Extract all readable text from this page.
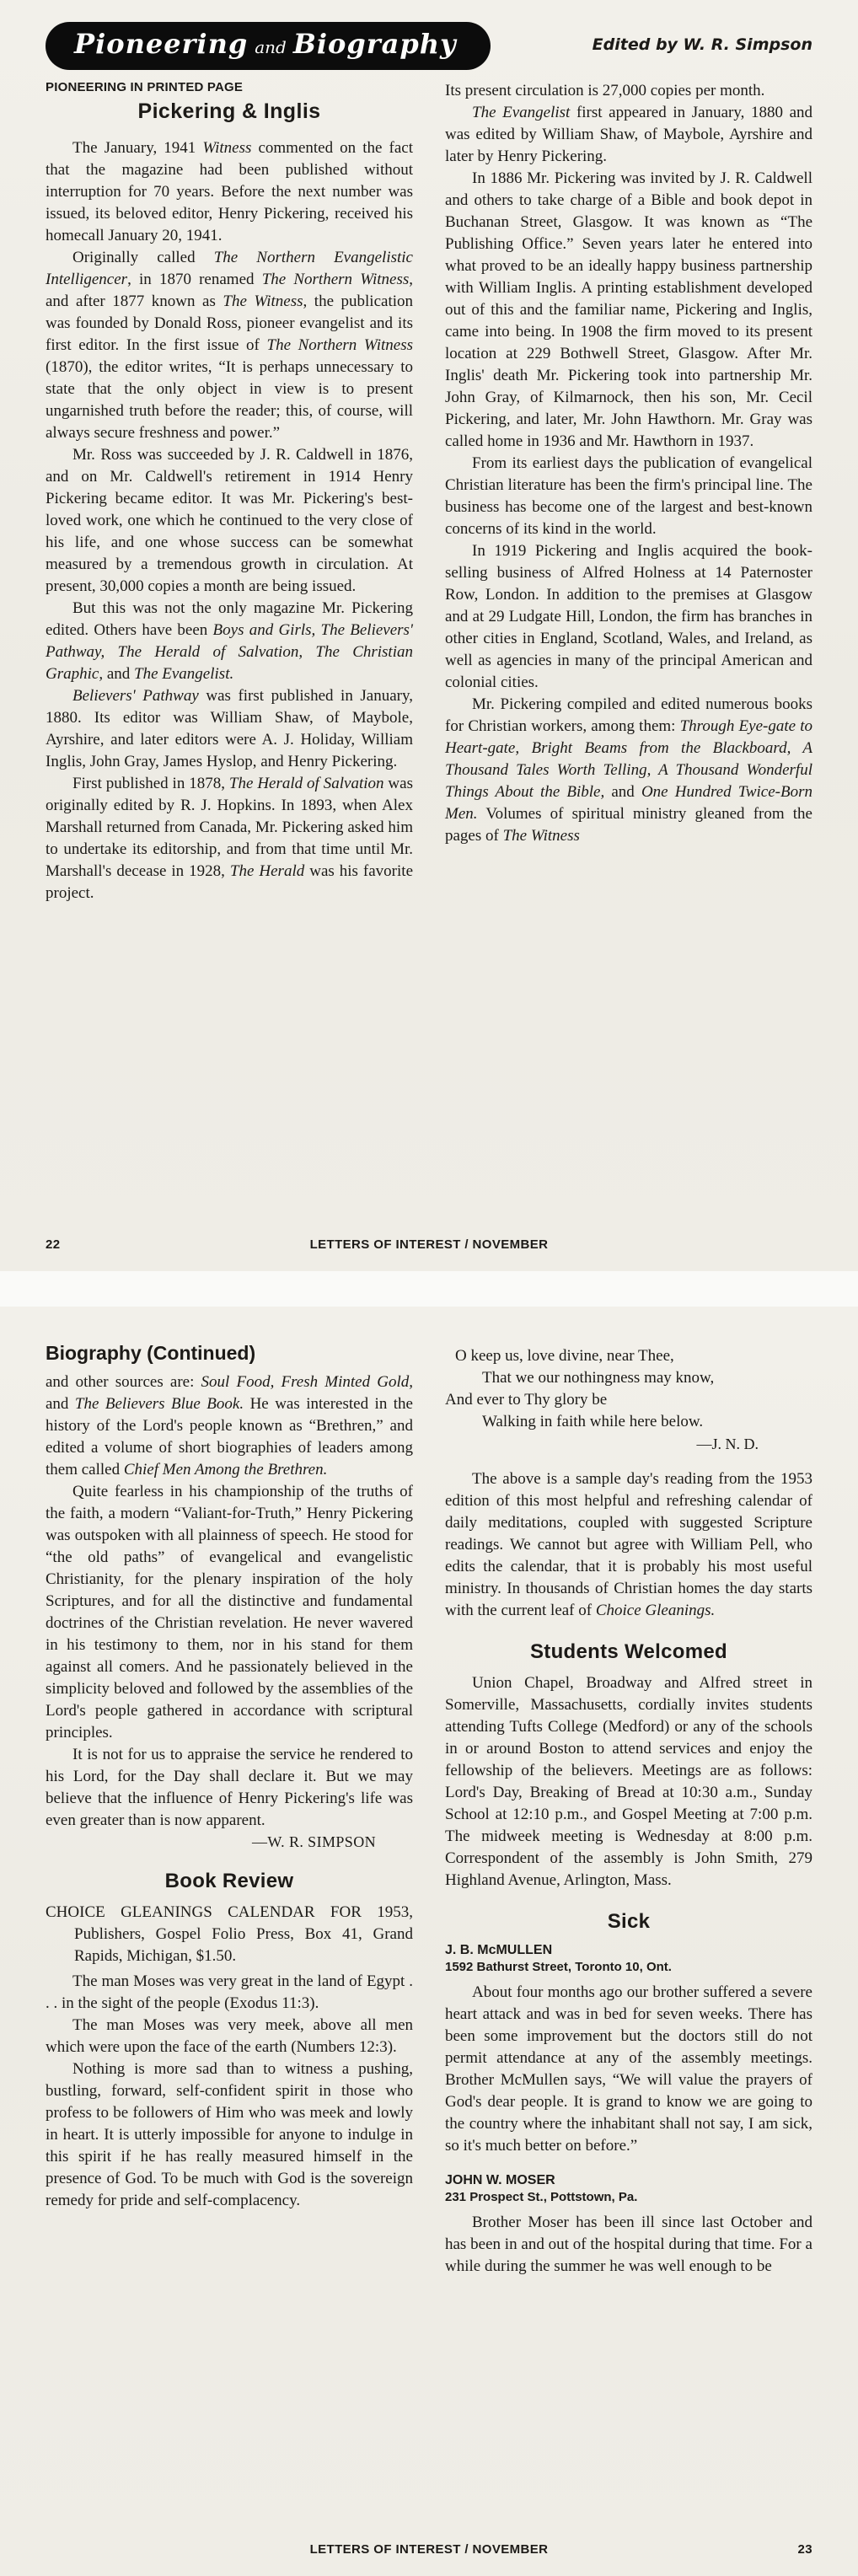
Pioneering and Biography	Edited by W. R. Simpson
PIONEERING IN PRINTED PAGE
Pickering & Inglis

The January, 1941 Witness commented on the fact that the magazine had been published without interruption for 70 years. Before the next number was issued, its beloved editor, Henry Pickering, received his homecall January 20, 1941.

Originally called The Northern Evangelistic Intelligencer, in 1870 renamed The Northern Witness, and after 1877 known as The Witness, the publication was founded by Donald Ross, pioneer evangelist and its first editor. In the first issue of The Northern Witness (1870), the editor writes, “It is perhaps unnecessary to state that the only object in view is to present ungarnished truth before the reader; this, of course, will always secure freshness and power.”

Mr. Ross was succeeded by J. R. Caldwell in 1876, and on Mr. Caldwell's retirement in 1914 Henry Pickering became editor. It was Mr. Pickering's best-loved work, one which he continued to the very close of his life, and one whose success can be somewhat measured by a tremendous growth in circulation. At present, 30,000 copies a month are being issued.

But this was not the only magazine Mr. Pickering edited. Others have been Boys and Girls, The Believers' Pathway, The Herald of Salvation, The Christian Graphic, and The Evangelist.

Believers' Pathway was first published in January, 1880. Its editor was William Shaw, of Maybole, Ayrshire, and later editors were A. J. Holiday, William Inglis, John Gray, James Hyslop, and Henry Pickering.

First published in 1878, The Herald of Salvation was originally edited by R. J. Hopkins. In 1893, when Alex Marshall returned from Canada, Mr. Pickering asked him to undertake its editorship, and from that time until Mr. Marshall's decease in 1928, The Herald was his favorite project.

Its present circulation is 27,000 copies per month.

The Evangelist first appeared in January, 1880 and was edited by William Shaw, of Maybole, Ayrshire and later by Henry Pickering.

In 1886 Mr. Pickering was invited by J. R. Caldwell and others to take charge of a Bible and book depot in Buchanan Street, Glasgow. It was known as “The Publishing Office.” Seven years later he entered into what proved to be an ideally happy business partnership with William Inglis. A printing establishment developed out of this and the familiar name, Pickering and Inglis, came into being. In 1908 the firm moved to its present location at 229 Bothwell Street, Glasgow. After Mr. Inglis' death Mr. Pickering took into partnership Mr. John Gray, of Kilmarnock, then his son, Mr. Cecil Pickering, and later, Mr. John Hawthorn. Mr. Gray was called home in 1936 and Mr. Hawthorn in 1937.

From its earliest days the publication of evangelical Christian literature has been the firm's principal line. The business has become one of the largest and best-known concerns of its kind in the world.

In 1919 Pickering and Inglis acquired the book-selling business of Alfred Holness at 14 Paternoster Row, London. In addition to the premises at Glasgow and at 29 Ludgate Hill, London, the firm has branches in other cities in England, Scotland, Wales, and Ireland, as well as agencies in many of the principal American and colonial cities.

Mr. Pickering compiled and edited numerous books for Christian workers, among them: Through Eye-gate to Heart-gate, Bright Beams from the Blackboard, A Thousand Tales Worth Telling, A Thousand Wonderful Things About the Bible, and One Hundred Twice-Born Men. Volumes of spiritual ministry gleaned from the pages of The Witness

22	LETTERS OF INTEREST / NOVEMBER
Biography (Continued)

and other sources are: Soul Food, Fresh Minted Gold, and The Believers Blue Book. He was interested in the history of the Lord's people known as “Brethren,” and edited a volume of short biographies of leaders among them called Chief Men Among the Brethren.

Quite fearless in his championship of the truths of the faith, a modern “Valiant-for-Truth,” Henry Pickering was outspoken with all plainness of speech. He stood for “the old paths” of evangelical and evangelistic Christianity, for the plenary inspiration of the holy Scriptures, and for all the distinctive and fundamental doctrines of the Christian revelation. He never wavered in his testimony to them, nor in his stand for them against all comers. And he passionately believed in the simplicity beloved and followed by the assemblies of the Lord's people gathered in accordance with scriptural principles.

It is not for us to appraise the service he rendered to his Lord, for the Day shall declare it. But we may believe that the influence of Henry Pickering's life was even greater than is now apparent.

—W. R. SIMPSON
Book Review

CHOICE GLEANINGS CALENDAR FOR 1953, Publishers, Gospel Folio Press, Box 41, Grand Rapids, Michigan, $1.50.

The man Moses was very great in the land of Egypt . . . in the sight of the people (Exodus 11:3).

The man Moses was very meek, above all men which were upon the face of the earth (Numbers 12:3).

Nothing is more sad than to witness a pushing, bustling, forward, self-confident spirit in those who profess to be followers of Him who was meek and lowly in heart. It is utterly impossible for anyone to indulge in this spirit if he has really measured himself in the presence of God. To be much with God is the sovereign remedy for pride and self-complacency.

O keep us, love divine, near Thee,
That we our nothingness may know,
And ever to Thy glory be
Walking in faith while here below.
—J. N. D.

The above is a sample day's reading from the 1953 edition of this most helpful and refreshing calendar of daily meditations, coupled with suggested Scripture readings. We cannot but agree with William Pell, who edits the calendar, that it is probably his most useful ministry. In thousands of Christian homes the day starts with the current leaf of Choice Gleanings.

Students Welcomed

Union Chapel, Broadway and Alfred street in Somerville, Massachusetts, cordially invites students attending Tufts College (Medford) or any of the schools in or around Boston to attend services and enjoy the fellowship of the believers. Meetings are as follows: Lord's Day, Breaking of Bread at 10:30 a.m., Sunday School at 12:10 p.m., and Gospel Meeting at 7:00 p.m. The midweek meeting is Wednesday at 8:00 p.m. Correspondent of the assembly is John Smith, 279 Highland Avenue, Arlington, Mass.

Sick
J. B. McMULLEN
1592 Bathurst Street, Toronto 10, Ont.

About four months ago our brother suffered a severe heart attack and was in bed for seven weeks. There has been some improvement but the doctors still do not permit attendance at any of the assembly meetings. Brother McMullen says, “We will value the prayers of God's dear people. It is grand to know we are going to the country where the inhabitant shall not say, I am sick, so it's much better on before.”

JOHN W. MOSER
231 Prospect St., Pottstown, Pa.

Brother Moser has been ill since last October and has been in and out of the hospital during that time. For a while during the summer he was well enough to be

LETTERS OF INTEREST / NOVEMBER	23
